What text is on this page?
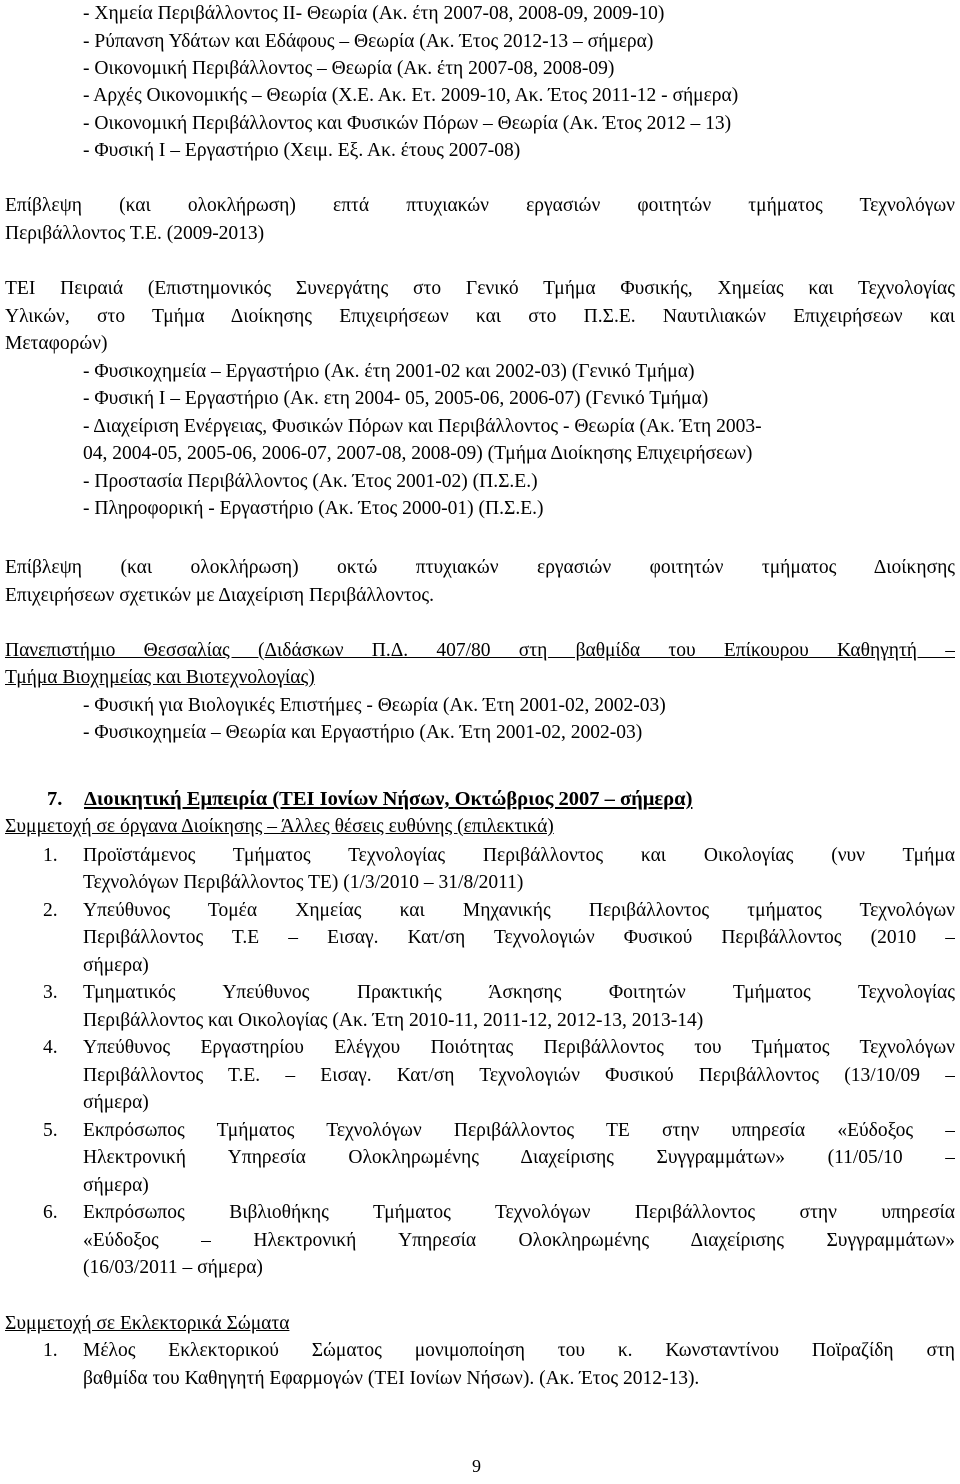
- Χημεία Περιβάλλοντος ΙΙ- Θεωρία (Ακ. έτη 2007-08, 2008-09, 2009-10)
- Ρύπανση Υδάτων και Εδάφους – Θεωρία (Ακ. Έτος 2012-13 – σήμερα)
- Οικονομική Περιβάλλοντος – Θεωρία (Ακ. έτη 2007-08, 2008-09)
- Αρχές Οικονομικής – Θεωρία (Χ.Ε. Ακ. Ετ. 2009-10, Ακ. Έτος 2011-12 - σήμερα)
- Οικονομική Περιβάλλοντος και Φυσικών Πόρων – Θεωρία (Ακ. Έτος 2012 – 13)
- Φυσική Ι – Εργαστήριο (Χειμ. Εξ. Ακ. έτους 2007-08)
Επίβλεψη (και ολοκλήρωση) επτά πτυχιακών εργασιών φοιτητών τμήματος Τεχνολόγων
Περιβάλλοντος Τ.Ε. (2009-2013)
ΤΕΙ Πειραιά (Επιστημονικός Συνεργάτης στο Γενικό Τμήμα Φυσικής, Χημείας και Τεχνολογίας
Υλικών, στο Τμήμα Διοίκησης Επιχειρήσεων και στο Π.Σ.Ε. Ναυτιλιακών Επιχειρήσεων και
Μεταφορών)
- Φυσικοχημεία – Εργαστήριο (Ακ. έτη 2001-02 και 2002-03) (Γενικό Τμήμα)
- Φυσική Ι – Εργαστήριο (Ακ. ετη 2004- 05, 2005-06, 2006-07) (Γενικό Τμήμα)
- Διαχείριση Ενέργειας, Φυσικών Πόρων και Περιβάλλοντος - Θεωρία (Ακ. Έτη 2003-
04, 2004-05, 2005-06, 2006-07, 2007-08, 2008-09) (Τμήμα Διοίκησης Επιχειρήσεων)
- Προστασία Περιβάλλοντος (Ακ. Έτος 2001-02) (Π.Σ.Ε.)
- Πληροφορική - Εργαστήριο (Ακ. Έτος 2000-01) (Π.Σ.Ε.)
Επίβλεψη (και ολοκλήρωση) οκτώ πτυχιακών εργασιών φοιτητών τμήματος Διοίκησης
Επιχειρήσεων σχετικών με Διαχείριση Περιβάλλοντος.
Πανεπιστήμιο Θεσσαλίας (Διδάσκων Π.Δ. 407/80 στη βαθμίδα του Επίκουρου Καθηγητή –
Τμήμα Βιοχημείας και Βιοτεχνολογίας)
- Φυσική για Βιολογικές Επιστήμες - Θεωρία (Ακ. Έτη 2001-02, 2002-03)
- Φυσικοχημεία – Θεωρία και Εργαστήριο (Ακ. Έτη 2001-02, 2002-03)
7. Διοικητική Εμπειρία (ΤΕΙ Ιονίων Νήσων, Οκτώβριος 2007 – σήμερα)
Συμμετοχή σε όργανα Διοίκησης – Άλλες θέσεις ευθύνης (επιλεκτικά)
1. Προϊστάμενος Τμήματος Τεχνολογίας Περιβάλλοντος και Οικολογίας (νυν Τμήμα
Τεχνολόγων Περιβάλλοντος ΤΕ) (1/3/2010 – 31/8/2011)
2. Υπεύθυνος Τομέα Χημείας και Μηχανικής Περιβάλλοντος τμήματος Τεχνολόγων
Περιβάλλοντος Τ.Ε – Εισαγ. Κατ/ση Τεχνολογιών Φυσικού Περιβάλλοντος (2010 –
σήμερα)
3. Τμηματικός Υπεύθυνος Πρακτικής Άσκησης Φοιτητών Τμήματος Τεχνολογίας
Περιβάλλοντος και Οικολογίας (Ακ. Έτη 2010-11, 2011-12, 2012-13, 2013-14)
4. Υπεύθυνος Εργαστηρίου Ελέγχου Ποιότητας Περιβάλλοντος του Τμήματος Τεχνολόγων
Περιβάλλοντος Τ.Ε. – Εισαγ. Κατ/ση Τεχνολογιών Φυσικού Περιβάλλοντος (13/10/09 –
σήμερα)
5. Εκπρόσωπος Τμήματος Τεχνολόγων Περιβάλλοντος ΤΕ στην υπηρεσία «Εύδοξος –
Ηλεκτρονική Υπηρεσία Ολοκληρωμένης Διαχείρισης Συγγραμμάτων» (11/05/10 –
σήμερα)
6. Εκπρόσωπος Βιβλιοθήκης Τμήματος Τεχνολόγων Περιβάλλοντος στην υπηρεσία
«Εύδοξος – Ηλεκτρονική Υπηρεσία Ολοκληρωμένης Διαχείρισης Συγγραμμάτων»
(16/03/2011 – σήμερα)
Συμμετοχή σε Εκλεκτορικά Σώματα
1. Μέλος Εκλεκτορικού Σώματος μονιμοποίηση του κ. Κωνσταντίνου Ποϊραζίδη στη
βαθμίδα του Καθηγητή Εφαρμογών (ΤΕΙ Ιονίων Νήσων). (Ακ. Έτος 2012-13).
9
